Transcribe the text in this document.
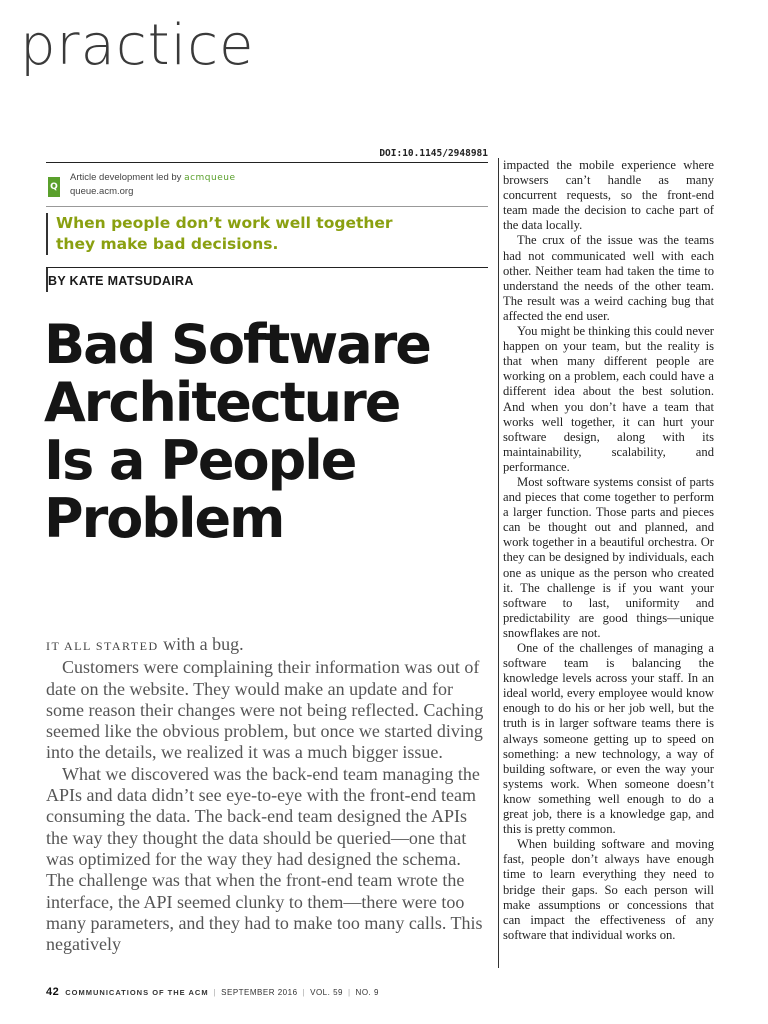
practice
DOI:10.1145/2948981
Q
Article development led by acmqueue
queue.acm.org
When people don’t work well together
they make bad decisions.
BY KATE MATSUDAIRA
Bad Software
Architecture
Is a People
Problem

IT ALL STARTED with a bug.

Customers were complaining their information was out of date on the website. They would make an update and for some reason their changes were not being reflected. Caching seemed like the obvious problem, but once we started diving into the details, we realized it was a much bigger issue.

What we discovered was the back-end team managing the APIs and data didn’t see eye-to-eye with the front-end team consuming the data. The back-end team designed the APIs the way they thought the data should be queried—one that was optimized for the way they had designed the schema. The challenge was that when the front-end team wrote the interface, the API seemed clunky to them—there were too many parameters, and they had to make too many calls. This negatively

impacted the mobile experience where browsers can’t handle as many concurrent requests, so the front-end team made the decision to cache part of the data locally.

The crux of the issue was the teams had not communicated well with each other. Neither team had taken the time to understand the needs of the other team. The result was a weird caching bug that affected the end user.

You might be thinking this could never happen on your team, but the reality is that when many different people are working on a problem, each could have a different idea about the best solution. And when you don’t have a team that works well together, it can hurt your software design, along with its maintainability, scalability, and performance.

Most software systems consist of parts and pieces that come together to perform a larger function. Those parts and pieces can be thought out and planned, and work together in a beautiful orchestra. Or they can be designed by individuals, each one as unique as the person who created it. The challenge is if you want your software to last, uniformity and predictability are good things—unique snowflakes are not.

One of the challenges of managing a software team is balancing the knowledge levels across your staff. In an ideal world, every employee would know enough to do his or her job well, but the truth is in larger software teams there is always someone getting up to speed on something: a new technology, a way of building software, or even the way your systems work. When someone doesn’t know something well enough to do a great job, there is a knowledge gap, and this is pretty common.

When building software and moving fast, people don’t always have enough time to learn everything they need to bridge their gaps. So each person will make assumptions or concessions that can impact the effectiveness of any software that individual works on.

42 COMMUNICATIONS OF THE ACM | SEPTEMBER 2016 | VOL. 59 | NO. 9
